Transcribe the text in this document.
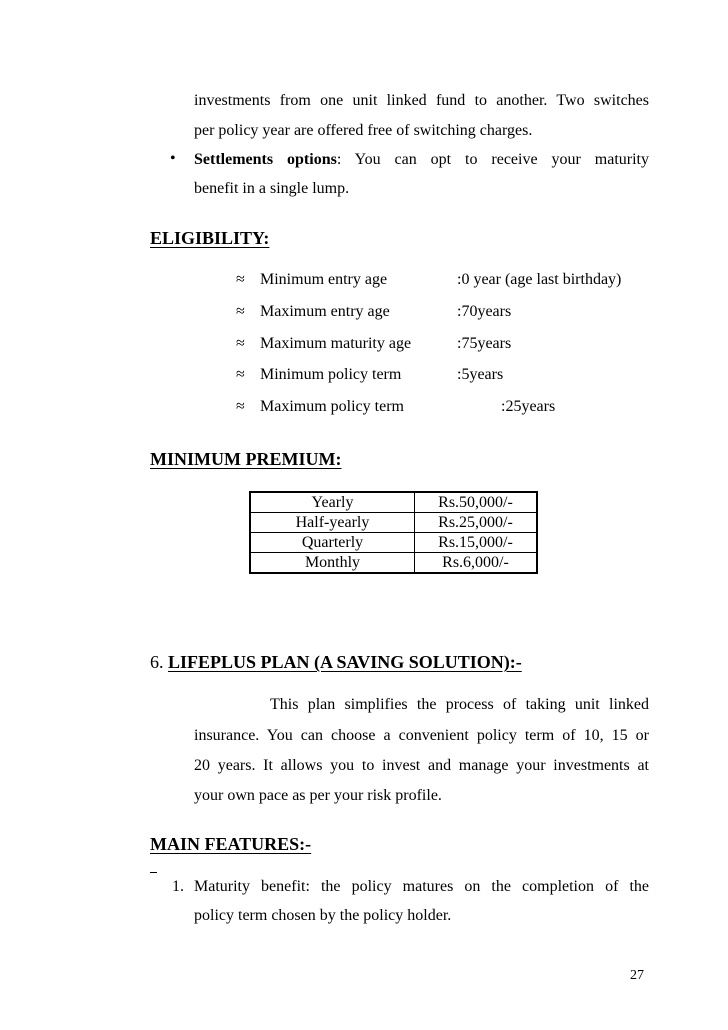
investments from one unit linked fund to another. Two switches
per policy year are offered free of switching charges.
• Settlements options: You can opt to receive your maturity
benefit in a single lump.
ELIGIBILITY:
≈ Minimum entry age	:0 year (age last birthday)
≈ Maximum entry age	:70years
≈ Maximum maturity age	:75years
≈ Minimum policy term	:5years
≈ Maximum policy term	:25years
MINIMUM PREMIUM:
Yearly	Rs.50,000/-
Half-yearly	Rs.25,000/-
Quarterly	Rs.15,000/-
Monthly	Rs.6,000/-
6. LIFEPLUS PLAN (A SAVING SOLUTION):-
This plan simplifies the process of taking unit linked
insurance. You can choose a convenient policy term of 10, 15 or
20 years. It allows you to invest and manage your investments at
your own pace as per your risk profile.
MAIN FEATURES:-
1. Maturity benefit: the policy matures on the completion of the
policy term chosen by the policy holder.
27
